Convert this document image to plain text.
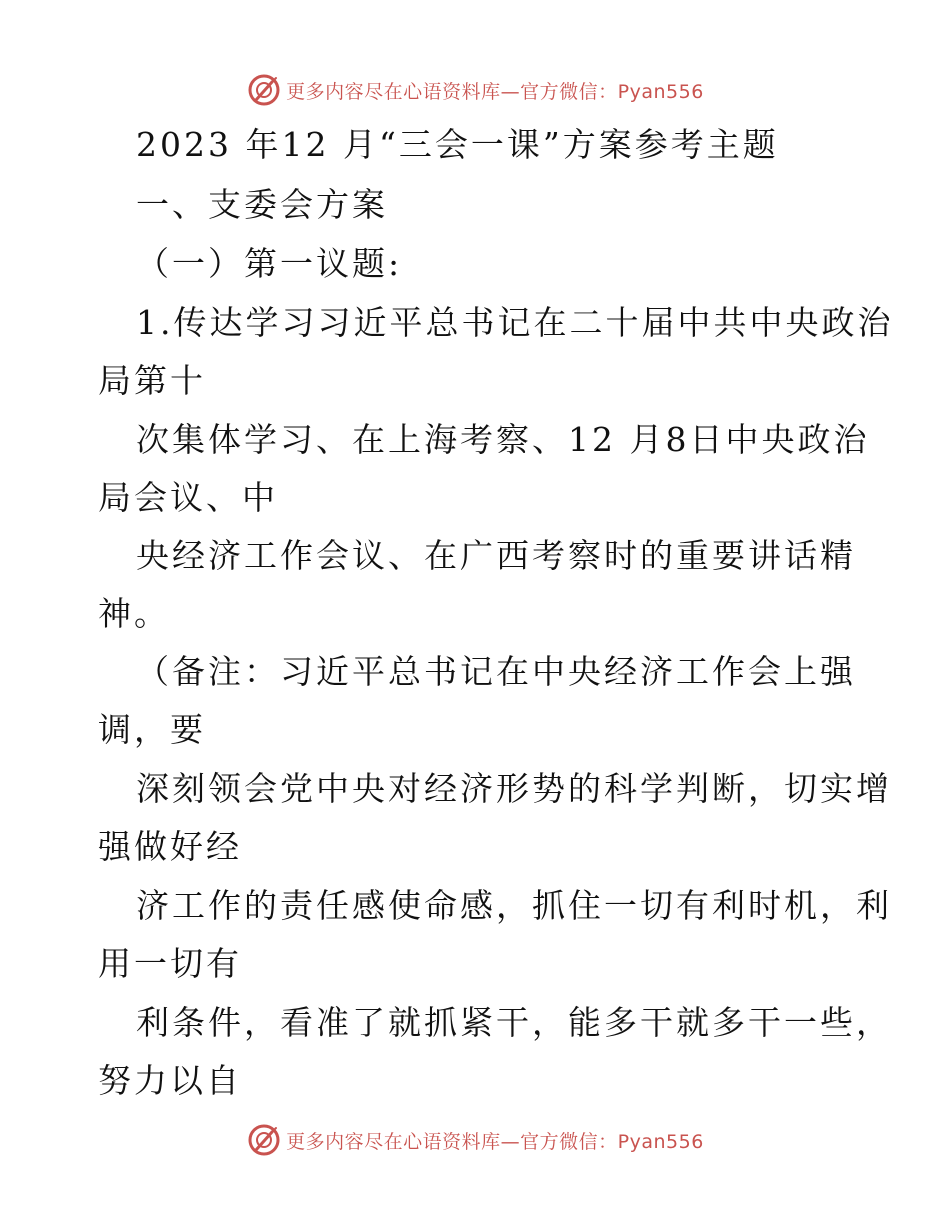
更多内容尽在心语资料库—官方微信：Pyan556
2023 年12 月“三会一课”方案参考主题
一、支委会方案
（一）第一议题:
1.传达学习习近平总书记在二十届中共中央政治
局第十
次集体学习、在上海考察、12 月8日中央政治
局会议、中
央经济工作会议、在广西考察时的重要讲话精
神。
（备注：习近平总书记在中央经济工作会上强
调，要
深刻领会党中央对经济形势的科学判断，切实增
强做好经
济工作的责任感使命感，抓住一切有利时机，利
用一切有
利条件，看准了就抓紧干，能多干就多干一些，
努力以自
更多内容尽在心语资料库—官方微信：Pyan556
